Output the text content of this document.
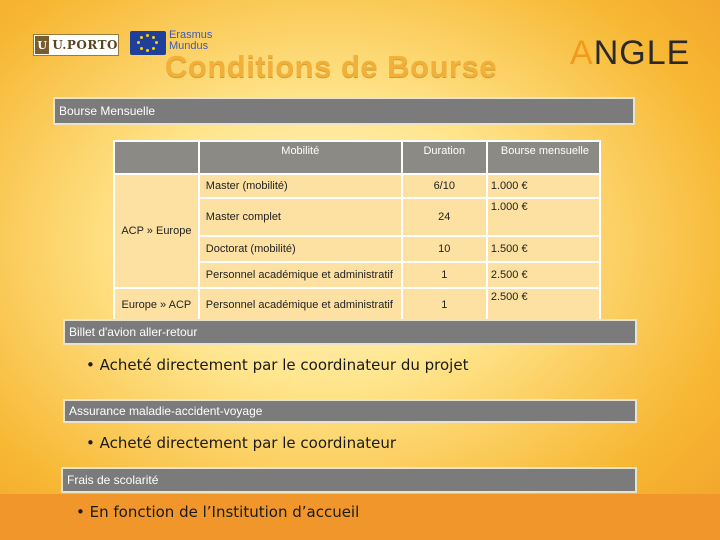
U U.PORTO
Erasmus
Mundus	ANGLE
Conditions de Bourse
Bourse Mensuelle
	Mobilité	Duration	Bourse mensuelle
ACP » Europe	Master (mobilité)	6/10	1.000 €
	Master complet	24	1.000 €
	Doctorat (mobilité)	10	1.500 €
	Personnel académique et administratif	1	2.500 €
Europe » ACP	Personnel académique et administratif	1	2.500 €
Billet d'avion aller-retour
• Acheté directement par le coordinateur du projet
Assurance maladie-accident-voyage
• Acheté directement par le coordinateur
Frais de scolarité
• En fonction de l’Institution d’accueil
